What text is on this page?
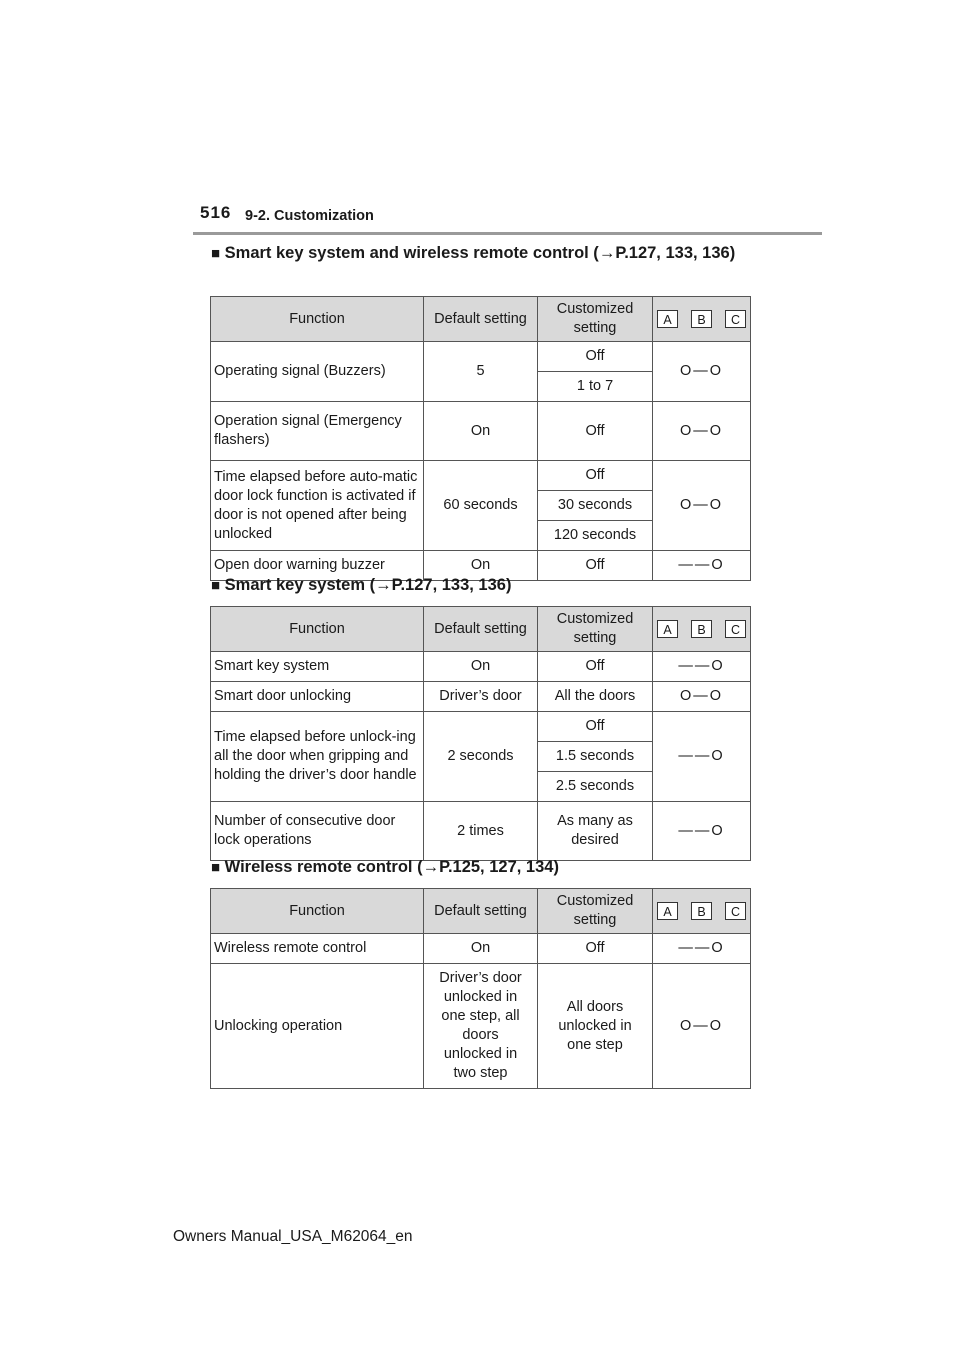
516 9-2. Customization
■ Smart key system and wireless remote control (→P.127, 133, 136)
Function	Default setting	Customized setting	A B C

Operating signal (Buzzers)	5	Off	O—O
		1 to 7	
Operation signal (Emergency flashers)	On	Off	O—O
Time elapsed before auto-matic door lock function is activated if door is not opened after being unlocked	60 seconds	Off	O—O
		30 seconds	
		120 seconds	
Open door warning buzzer	On	Off	——O
■ Smart key system (→P.127, 133, 136)
Function	Default setting	Customized setting	A B C

Smart key system	On	Off	——O
Smart door unlocking	Driver’s door	All the doors	O—O
Time elapsed before unlock-ing all the door when gripping and holding the driver’s door handle	2 seconds	Off	——O
		1.5 seconds	
		2.5 seconds	
Number of consecutive door lock operations	2 times	As many as desired	——O
■ Wireless remote control (→P.125, 127, 134)
Function	Default setting	Customized setting	A B C

Wireless remote control	On	Off	——O
Unlocking operation	Driver’s door unlocked in one step, all doors unlocked in two step	All doors unlocked in one step	O—O
Owners Manual_USA_M62064_en
